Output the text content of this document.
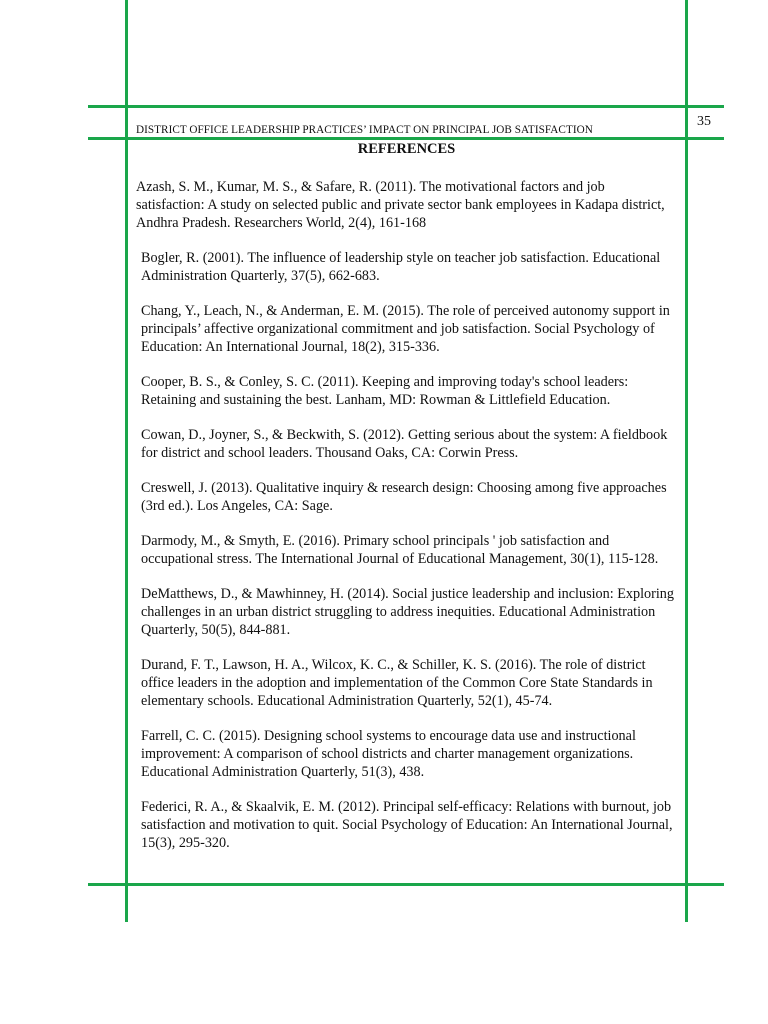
DISTRICT OFFICE LEADERSHIP PRACTICES’ IMPACT ON PRINCIPAL JOB SATISFACTION
35
REFERENCES

Azash, S. M., Kumar, M. S., & Safare, R. (2011). The motivational factors and job satisfaction: A study on selected public and private sector bank employees in Kadapa district, Andhra Pradesh. Researchers World, 2(4), 161-168

Bogler, R. (2001). The influence of leadership style on teacher job satisfaction. Educational Administration Quarterly, 37(5), 662-683.

Chang, Y., Leach, N., & Anderman, E. M. (2015). The role of perceived autonomy support in principals’ affective organizational commitment and job satisfaction. Social Psychology of Education: An International Journal, 18(2), 315-336.

Cooper, B. S., & Conley, S. C. (2011). Keeping and improving today's school leaders: Retaining and sustaining the best. Lanham, MD: Rowman & Littlefield Education.

Cowan, D., Joyner, S., & Beckwith, S. (2012). Getting serious about the system: A fieldbook for district and school leaders. Thousand Oaks, CA: Corwin Press.

Creswell, J. (2013). Qualitative inquiry & research design: Choosing among five approaches (3rd ed.). Los Angeles, CA: Sage.

Darmody, M., & Smyth, E. (2016). Primary school principals ' job satisfaction and occupational stress. The International Journal of Educational Management, 30(1), 115-128.

DeMatthews, D., & Mawhinney, H. (2014). Social justice leadership and inclusion: Exploring challenges in an urban district struggling to address inequities. Educational Administration Quarterly, 50(5), 844-881.

Durand, F. T., Lawson, H. A., Wilcox, K. C., & Schiller, K. S. (2016). The role of district office leaders in the adoption and implementation of the Common Core State Standards in elementary schools. Educational Administration Quarterly, 52(1), 45-74.

Farrell, C. C. (2015). Designing school systems to encourage data use and instructional improvement: A comparison of school districts and charter management organizations. Educational Administration Quarterly, 51(3), 438.

Federici, R. A., & Skaalvik, E. M. (2012). Principal self-efficacy: Relations with burnout, job satisfaction and motivation to quit. Social Psychology of Education: An International Journal, 15(3), 295-320.
